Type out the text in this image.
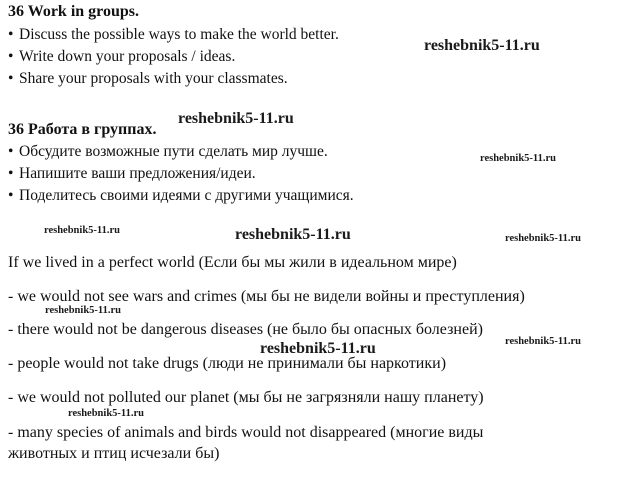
36 Work in groups.
• Discuss the possible ways to make the world better.
• Write down your proposals / ideas.
• Share your proposals with your classmates.
36 Работа в группах.
• Обсудите возможные пути сделать мир лучше.
• Напишите ваши предложения/идеи.
• Поделитесь своими идеями с другими учащимися.
If we lived in a perfect world (Если бы мы жили в идеальном мире)
- we would not see wars and crimes (мы бы не видели войны и преступления)
- there would not be dangerous diseases (не было бы опасных болезней)
- people would not take drugs (люди не принимали бы наркотики)
- we would not polluted our planet (мы бы не загрязняли нашу планету)
- many species of animals and birds would not disappeared (многие виды
животных и птиц исчезали бы)
reshebnik5-11.ru
reshebnik5-11.ru
reshebnik5-11.ru
reshebnik5-11.ru	reshebnik5-11.ru	reshebnik5-11.ru
reshebnik5-11.ru
reshebnik5-11.ru
reshebnik5-11.ru
reshebnik5-11.ru
